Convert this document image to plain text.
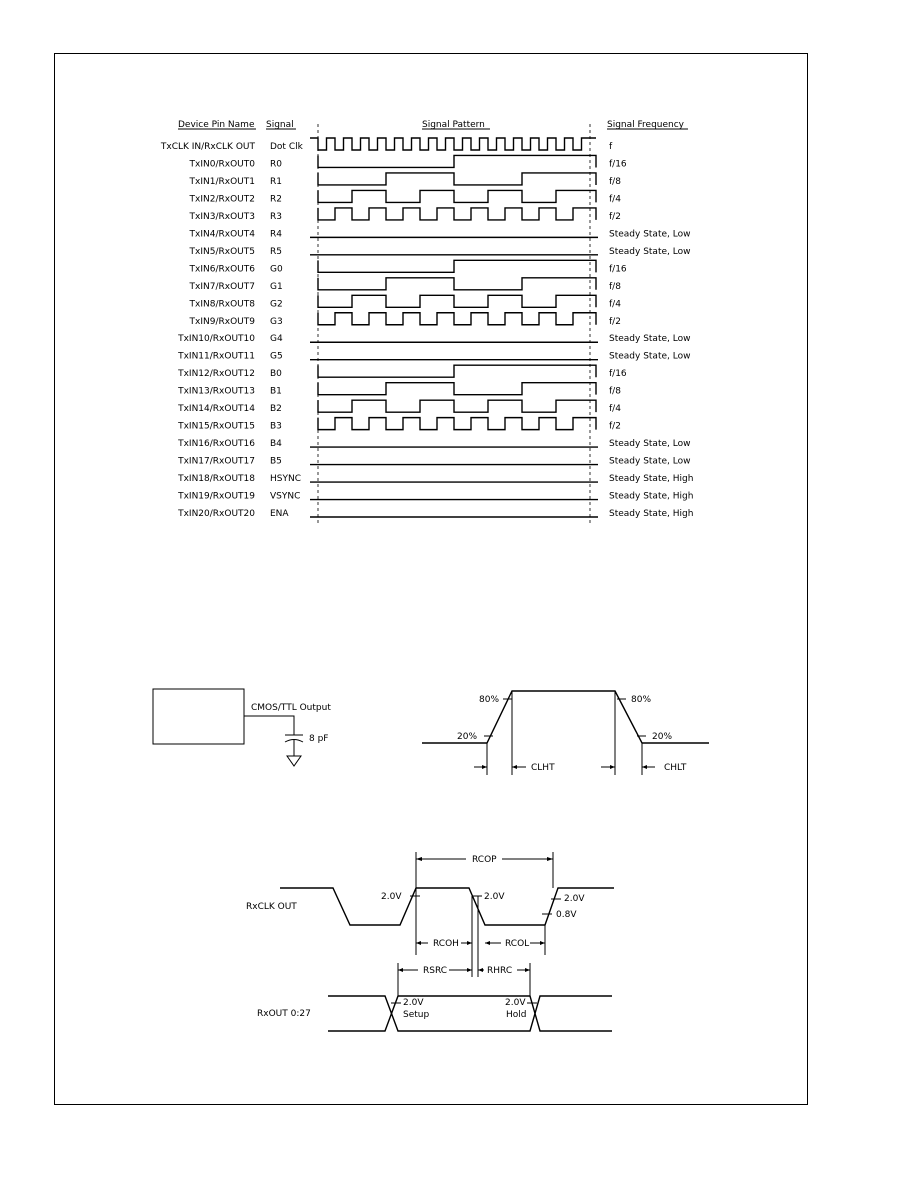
Device Pin Name Signal	Signal Pattern	Signal Frequency
TxCLK IN/RxCLK OUT Dot Clk	f
TxIN0/RxOUT0 R0	f/16
TxIN1/RxOUT1 R1	f/8
TxIN2/RxOUT2 R2	f/4
TxIN3/RxOUT3 R3	f/2
TxIN4/RxOUT4 R4	Steady State, Low
TxIN5/RxOUT5 R5	Steady State, Low
TxIN6/RxOUT6 G0	f/16
TxIN7/RxOUT7 G1	f/8
TxIN8/RxOUT8 G2	f/4
TxIN9/RxOUT9 G3	f/2
TxIN10/RxOUT10 G4	Steady State, Low
TxIN11/RxOUT11 G5	Steady State, Low
TxIN12/RxOUT12 B0	f/16
TxIN13/RxOUT13 B1	f/8
TxIN14/RxOUT14 B2	f/4
TxIN15/RxOUT15 B3	f/2
TxIN16/RxOUT16 B4	Steady State, Low
TxIN17/RxOUT17 B5	Steady State, Low
TxIN18/RxOUT18 HSYNC	Steady State, High
TxIN19/RxOUT19 VSYNC	Steady State, High
TxIN20/RxOUT20 ENA	Steady State, High
CMOS/TTL Output
8 pF
80%	80%
20%	20%
CLHT	CHLT
RxCLK OUT
RCOP
2.0V	2.0V	2.0V
0.8V
RCOH	RCOL
RSRC	RHRC
RxOUT 0:27
2.0V
Setup
2.0V
Hold
